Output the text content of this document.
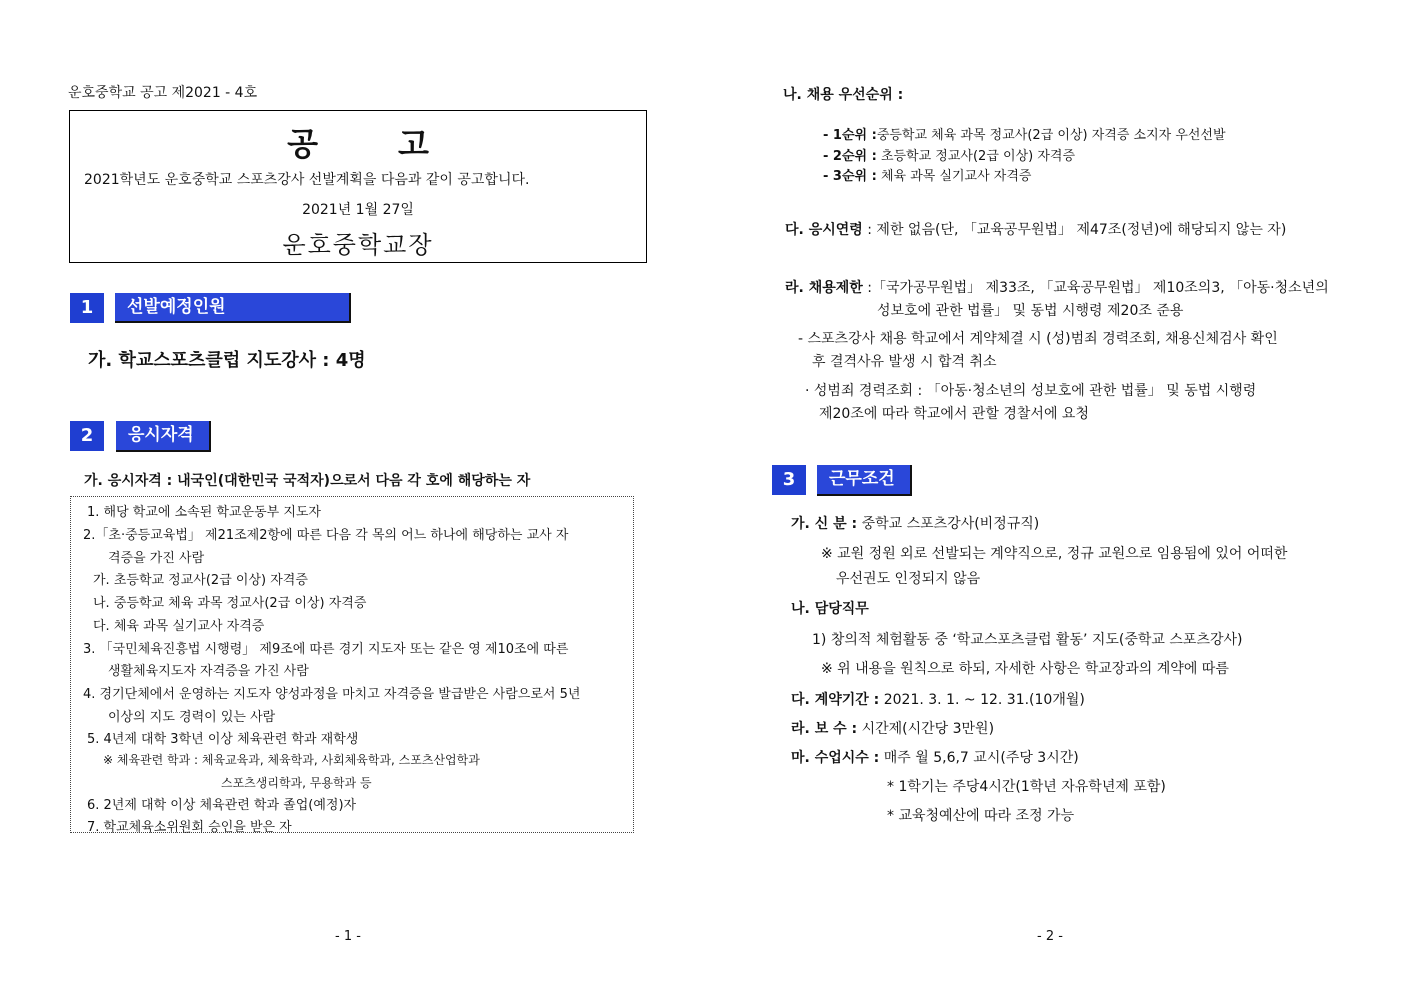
운호중학교 공고 제2021 - 4호
공	고
2021학년도 운호중학교 스포츠강사 선발계획을 다음과 같이 공고합니다.
2021년 1월 27일
운호중학교장
1	선발예정인원
가. 학교스포츠클럽 지도강사 : 4명
2	응시자격
가. 응시자격 : 내국인(대한민국 국적자)으로서 다음 각 호에 해당하는 자
1. 해당 학교에 소속된 학교운동부 지도자
2.「초·중등교육법」 제21조제2항에 따른 다음 각 목의 어느 하나에 해당하는 교사 자
격증을 가진 사람
가. 초등학교 정교사(2급 이상) 자격증
나. 중등학교 체육 과목 정교사(2급 이상) 자격증
다. 체육 과목 실기교사 자격증
3. 「국민체육진흥법 시행령」 제9조에 따른 경기 지도자 또는 같은 영 제10조에 따른
생활체육지도자 자격증을 가진 사람
4. 경기단체에서 운영하는 지도자 양성과정을 마치고 자격증을 발급받은 사람으로서 5년
이상의 지도 경력이 있는 사람
5. 4년제 대학 3학년 이상 체육관련 학과 재학생
※ 체육관련 학과 : 체육교육과, 체육학과, 사회체육학과, 스포츠산업학과
스포츠생리학과, 무용학과 등
6. 2년제 대학 이상 체육관련 학과 졸업(예정)자
7. 학교체육소위원회 승인을 받은 자
- 1 -
나. 채용 우선순위 :
- 1순위 :중등학교 체육 과목 정교사(2급 이상) 자격증 소지자 우선선발
- 2순위 : 초등학교 정교사(2급 이상) 자격증
- 3순위 : 체육 과목 실기교사 자격증
다. 응시연령 : 제한 없음(단, 「교육공무원법」 제47조(정년)에 해당되지 않는 자)
라. 채용제한 :「국가공무원법」 제33조, 「교육공무원법」 제10조의3, 「아동·청소년의
성보호에 관한 법률」 및 동법 시행령 제20조 준용
- 스포츠강사 채용 학교에서 계약체결 시 (성)범죄 경력조회, 채용신체검사 확인
후 결격사유 발생 시 합격 취소
· 성범죄 경력조회 : 「아동·청소년의 성보호에 관한 법률」 및 동법 시행령
제20조에 따라 학교에서 관할 경찰서에 요청
3	근무조건
가. 신 분 : 중학교 스포츠강사(비정규직)
※ 교원 정원 외로 선발되는 계약직으로, 정규 교원으로 임용됨에 있어 어떠한
우선권도 인정되지 않음
나. 담당직무
1) 창의적 체험활동 중 ‘학교스포츠클럽 활동’ 지도(중학교 스포츠강사)
※ 위 내용을 원칙으로 하되, 자세한 사항은 학교장과의 계약에 따름
다. 계약기간 : 2021. 3. 1. ~ 12. 31.(10개월)
라. 보 수 : 시간제(시간당 3만원)
마. 수업시수 : 매주 월 5,6,7 교시(주당 3시간)
* 1학기는 주당4시간(1학년 자유학년제 포함)
* 교육청예산에 따라 조정 가능
- 2 -
